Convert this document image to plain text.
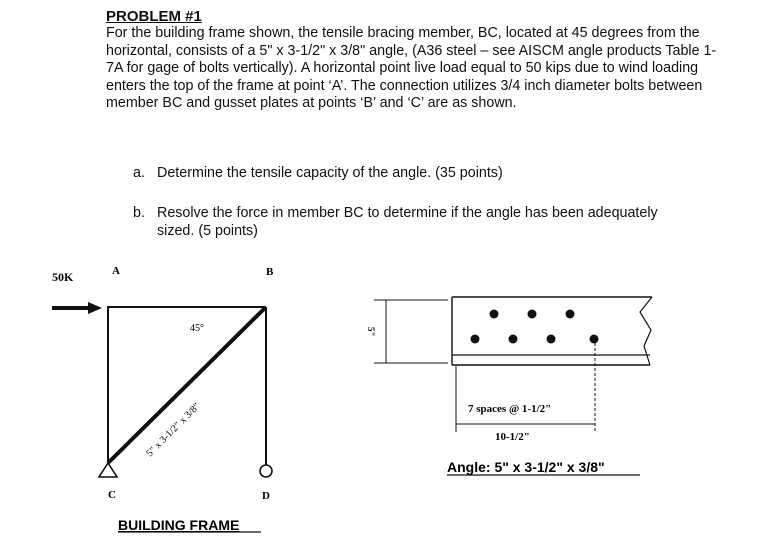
PROBLEM #1
For the building frame shown, the tensile bracing member, BC, located at 45 degrees from the horizontal, consists of a 5" x 3-1/2" x 3/8" angle, (A36 steel – see AISCM angle products Table 1-7A for gage of bolts vertically). A horizontal point live load equal to 50 kips due to wind loading enters the top of the frame at point ‘A’. The connection utilizes 3/4 inch diameter bolts between member BC and gusset plates at points ‘B’ and ‘C’ are as shown.
a. Determine the tensile capacity of the angle. (35 points)
b. Resolve the force in member BC to determine if the angle has been adequately sized. (5 points)
50K	A	B
C	D
45°
5" x 3-1/2" x 3/8"
BUILDING FRAME
5"
7 spaces @ 1-1/2"
10-1/2"
Angle: 5" x 3-1/2" x 3/8"
